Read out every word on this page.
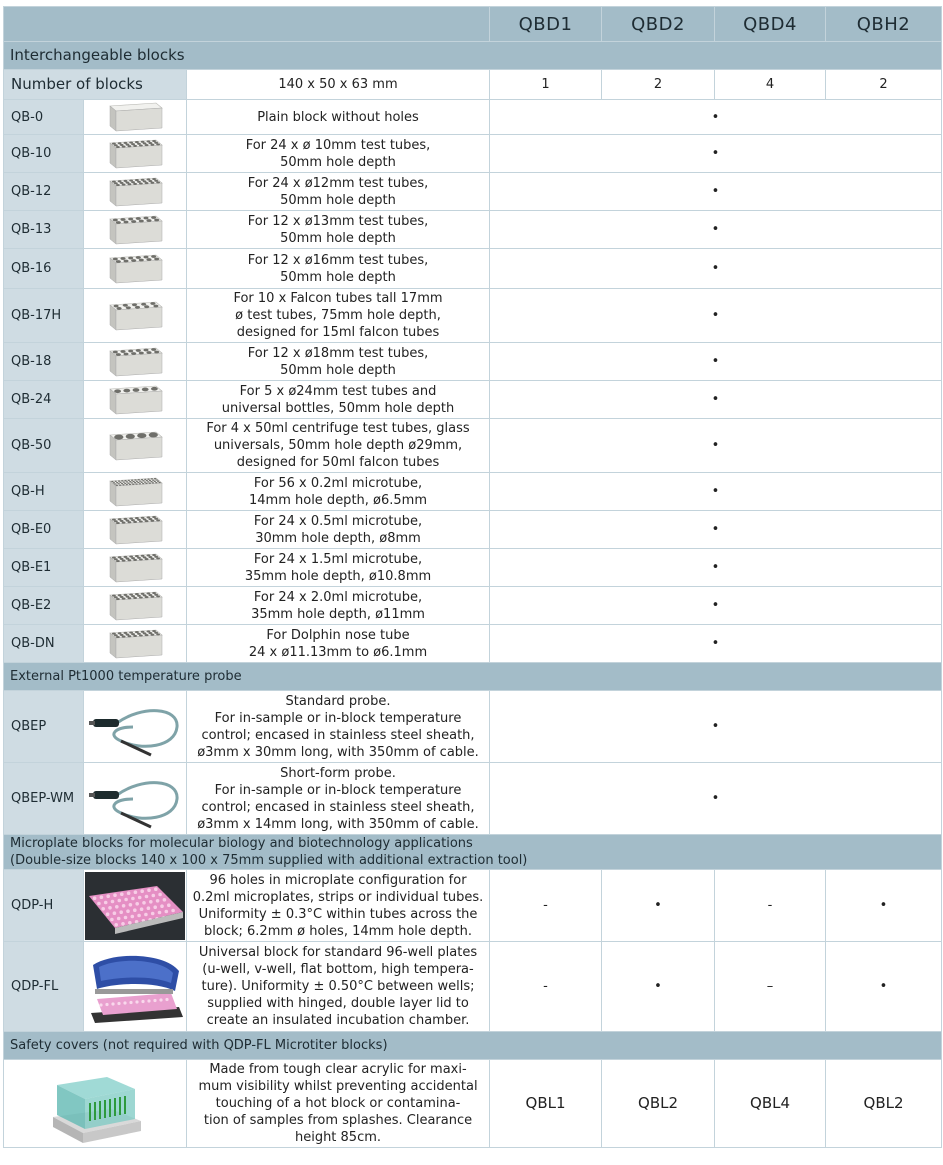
			QBD1	QBD2	QBD4	QBH2
Interchangeable blocks						
Number of blocks		140 x 50 x 63 mm	1	2	4	2
QB-0		Plain block without holes	•			
QB-10		For 24 x ø 10mm test tubes,
50mm hole depth	•			
QB-12		For 24 x ø12mm test tubes,
50mm hole depth	•			
QB-13		For 12 x ø13mm test tubes,
50mm hole depth	•			
QB-16		For 12 x ø16mm test tubes,
50mm hole depth	•			
QB-17H		For 10 x Falcon tubes tall 17mm
ø test tubes, 75mm hole depth,
designed for 15ml falcon tubes	•			
QB-18		For 12 x ø18mm test tubes,
50mm hole depth	•			
QB-24		For 5 x ø24mm test tubes and
universal bottles, 50mm hole depth	•			
QB-50		For 4 x 50ml centrifuge test tubes, glass
universals, 50mm hole depth ø29mm,
designed for 50ml falcon tubes	•			
QB-H		For 56 x 0.2ml microtube,
14mm hole depth, ø6.5mm	•			
QB-E0		For 24 x 0.5ml microtube,
30mm hole depth, ø8mm	•			
QB-E1		For 24 x 1.5ml microtube,
35mm hole depth, ø10.8mm	•			
QB-E2		For 24 x 2.0ml microtube,
35mm hole depth, ø11mm	•			
QB-DN		For Dolphin nose tube
24 x ø11.13mm to ø6.1mm	•			
External Pt1000 temperature probe						
QBEP		Standard probe.
For in-sample or in-block temperature
control; encased in stainless steel sheath,
ø3mm x 30mm long, with 350mm of cable.	•			
QBEP-WM		Short-form probe.
For in-sample or in-block temperature
control; encased in stainless steel sheath,
ø3mm x 14mm long, with 350mm of cable.	•			
Microplate blocks for molecular biology and biotechnology applications
(Double-size blocks 140 x 100 x 75mm supplied with additional extraction tool)						
QDP-H		96 holes in microplate configuration for
0.2ml microplates, strips or individual tubes.
Uniformity ± 0.3°C within tubes across the
block; 6.2mm ø holes, 14mm hole depth.	-	•	-	•
QDP-FL		Universal block for standard 96-well plates
(u-well, v-well, flat bottom, high tempera-
ture). Uniformity ± 0.50°C between wells;
supplied with hinged, double layer lid to
create an insulated incubation chamber.	-	•	–	•
Safety covers (not required with QDP-FL Microtiter blocks)						

Made from tough clear acrylic for maxi-
mum visibility whilst preventing accidental
touching of a hot block or contamina-
tion of samples from splashes. Clearance
height 85cm.	QBL1	QBL2	QBL4	QBL2
